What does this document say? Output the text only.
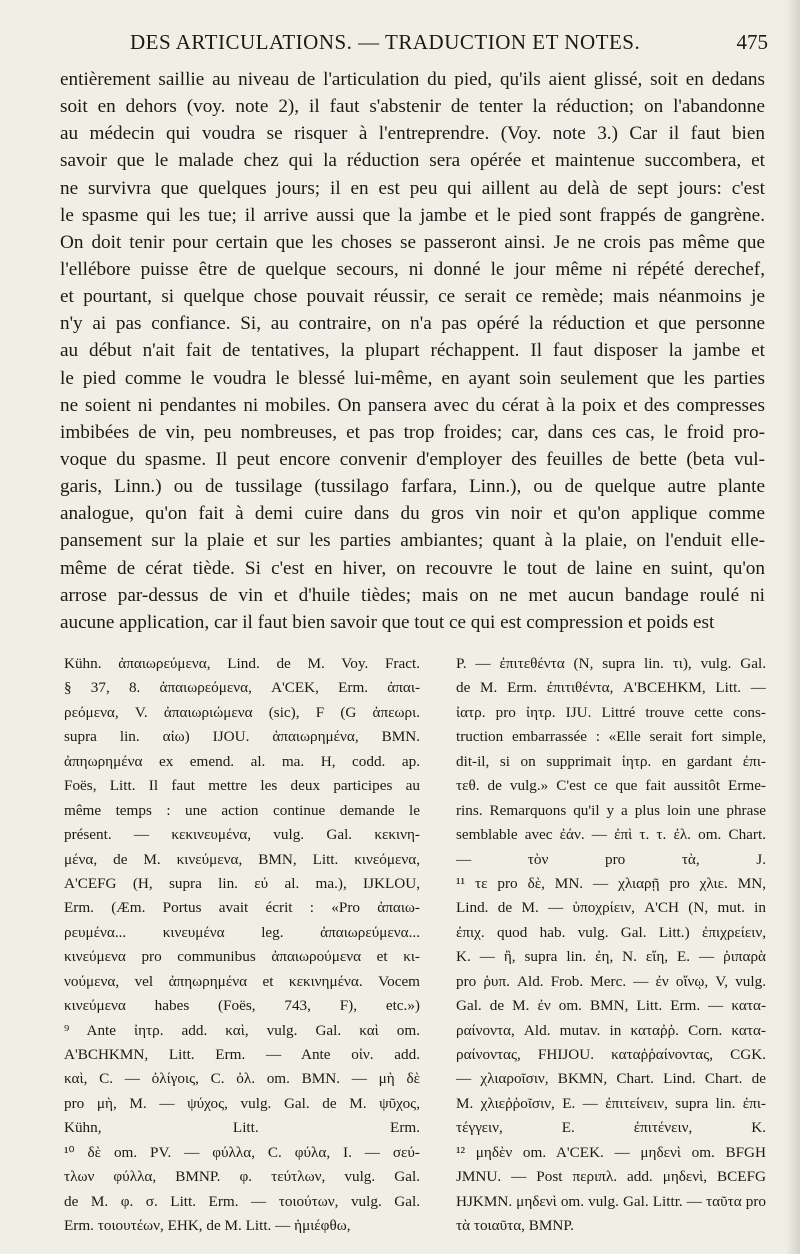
DES ARTICULATIONS. — TRADUCTION ET NOTES.	475
entièrement saillie au niveau de l'articulation du pied, qu'ils aient glissé, soit en dedans
soit en dehors (voy. note 2), il faut s'abstenir de tenter la réduction; on l'abandonne
au médecin qui voudra se risquer à l'entreprendre. (Voy. note 3.) Car il faut bien
savoir que le malade chez qui la réduction sera opérée et maintenue succombera, et
ne survivra que quelques jours; il en est peu qui aillent au delà de sept jours: c'est
le spasme qui les tue; il arrive aussi que la jambe et le pied sont frappés de gangrène.
On doit tenir pour certain que les choses se passeront ainsi. Je ne crois pas même que
l'ellébore puisse être de quelque secours, ni donné le jour même ni répété derechef,
et pourtant, si quelque chose pouvait réussir, ce serait ce remède; mais néanmoins je
n'y ai pas confiance. Si, au contraire, on n'a pas opéré la réduction et que personne
au début n'ait fait de tentatives, la plupart réchappent. Il faut disposer la jambe et
le pied comme le voudra le blessé lui-même, en ayant soin seulement que les parties
ne soient ni pendantes ni mobiles. On pansera avec du cérat à la poix et des compresses
imbibées de vin, peu nombreuses, et pas trop froides; car, dans ces cas, le froid pro-
voque du spasme. Il peut encore convenir d'employer des feuilles de bette (beta vul-
garis, Linn.) ou de tussilage (tussilago farfara, Linn.), ou de quelque autre plante
analogue, qu'on fait à demi cuire dans du gros vin noir et qu'on applique comme
pansement sur la plaie et sur les parties ambiantes; quant à la plaie, on l'enduit elle-
même de cérat tiède. Si c'est en hiver, on recouvre le tout de laine en suint, qu'on
arrose par-dessus de vin et d'huile tièdes; mais on ne met aucun bandage roulé ni
aucune application, car il faut bien savoir que tout ce qui est compression et poids est
Kühn. ἀπαιωρεύμενα, Lind. de M. Voy. Fract.
§ 37, 8. ἀπαιωρεόμενα, A'CEK, Erm. ἀπαι-
ρεόμενα, V. ἀπαιωριώμενα (sic), F (G ἀπεωρι.
supra lin. αἰω) IJOU. ἀπαιωρημένα, BMN.
ἀπηωρημένα ex emend. al. ma. H, codd. ap.
Foës, Litt. Il faut mettre les deux participes au
même temps : une action continue demande le
présent. — κεκινευμένα, vulg. Gal. κεκινη-
μένα, de M. κινεύμενα, BMN, Litt. κινεόμενα,
A'CEFG (H, supra lin. εύ al. ma.), IJKLOU,
Erm. (Æm. Portus avait écrit : «Pro ἀπαιω-
ρευμένα... κινευμένα leg. ἀπαιωρεύμενα...
κινεύμενα pro communibus ἀπαιωρούμενα et κι-
νούμενα, vel ἀπηωρημένα et κεκινημένα. Vocem
κινεύμενα habes (Foës, 743, F), etc.»)
⁹ Ante ἰητρ. add. καὶ, vulg. Gal. καὶ om.
A'BCHKMN, Litt. Erm. — Ante οἰν. add.
καὶ, C. — ὀλίγοις, C. ὀλ. om. BMN. — μὴ δὲ
pro μὴ, M. — ψύχος, vulg. Gal. de M. ψῦχος,
Kühn, Litt. Erm.
¹⁰ δὲ om. PV. — φύλλα, C. φύλα, I. — σεύ-
τλων φύλλα, BMNP. φ. τεύτλων, vulg. Gal.
de M. φ. σ. Litt. Erm. — τοιούτων, vulg. Gal.
Erm. τοιουτέων, EHK, de M. Litt. — ἡμιέφθω,
P. — ἐπιτεθέντα (N, supra lin. τι), vulg. Gal.
de M. Erm. ἐπιτιθέντα, A'BCEHKM, Litt. —
ἰατρ. pro ἰητρ. IJU. Littré trouve cette cons-
truction embarrassée : «Elle serait fort simple,
dit-il, si on supprimait ἰητρ. en gardant ἐπι-
τεθ. de vulg.» C'est ce que fait aussitôt Erme-
rins. Remarquons qu'il y a plus loin une phrase
semblable avec ἐάν. — ἐπὶ τ. τ. ἐλ. om. Chart.
— τὸν pro τὰ, J.
¹¹ τε pro δὲ, MN. — χλιαρῇ pro χλιε. MN,
Lind. de M. — ὑποχρίειν, A'CH (N, mut. in
ἐπιχ. quod hab. vulg. Gal. Litt.) ἐπιχρείειν,
K. — ἢ, supra lin. ἐη, N. εἴη, E. — ῥιπαρὰ
pro ῥυπ. Ald. Frob. Merc. — ἐν οἴνῳ, V, vulg.
Gal. de M. ἐν om. BMN, Litt. Erm. — κατα-
ραίνοντα, Ald. mutav. in καταῤῥ. Corn. κατα-
ραίνοντας, FHIJOU. καταῤῥαίνοντας, CGK.
— χλιαροῖσιν, BKMN, Chart. Lind. Chart. de
M. χλιεῤῥοῖσιν, E. — ἐπιτείνειν, supra lin. ἐπι-
τέγγειν, E. ἐπιτένειν, K.
¹² μηδὲν om. A'CEK. — μηδενὶ om. BFGH
JMNU. — Post περιπλ. add. μηδενὶ, BCEFG
HJKMN. μηδενὶ om. vulg. Gal. Littr. — ταῦτα pro
τὰ τοιαῦτα, BMNP.
